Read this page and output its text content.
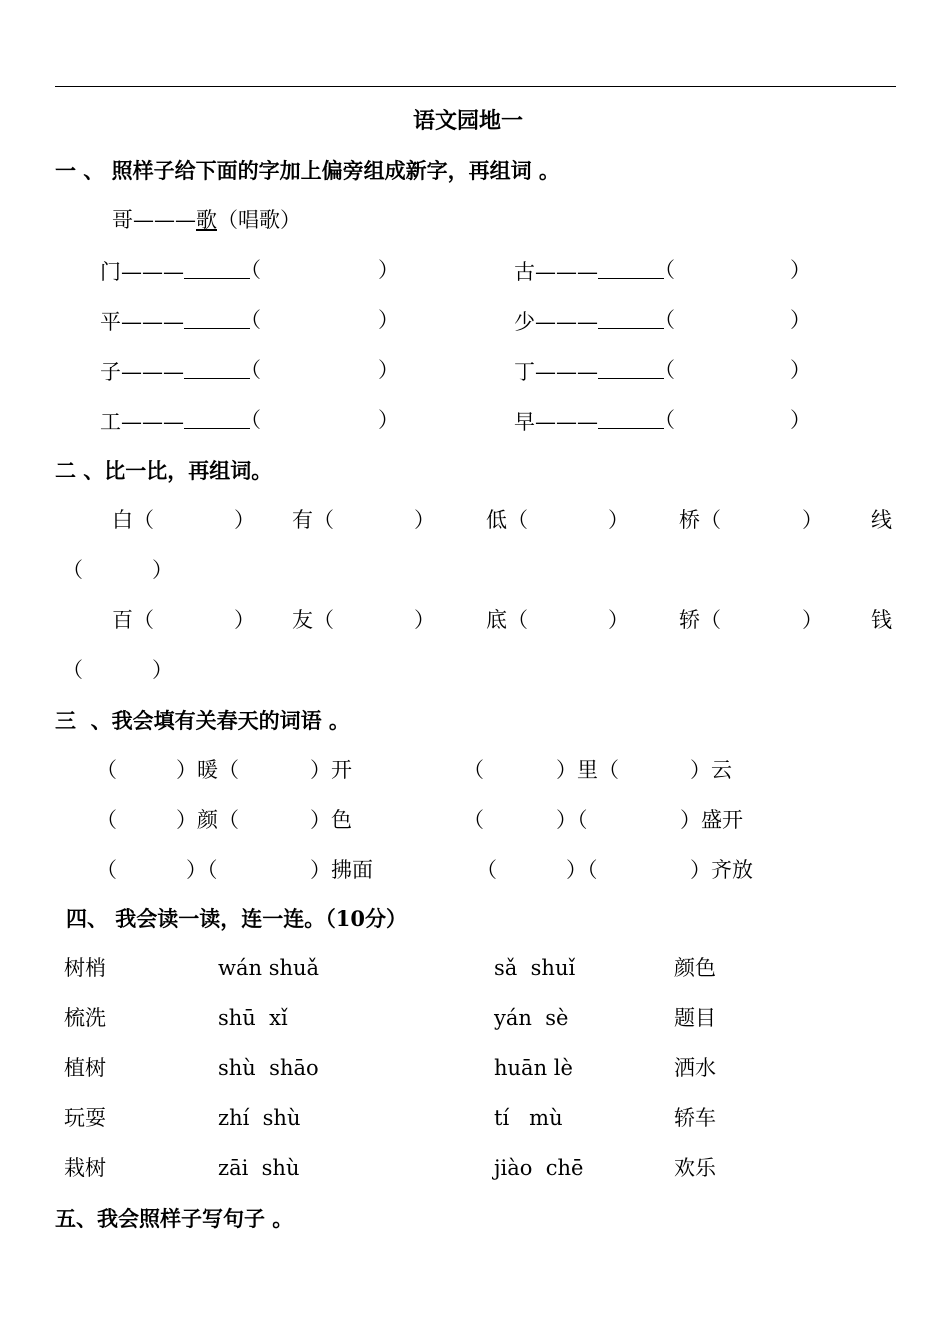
语文园地一
一 、 照样子给下面的字加上偏旁组成新字，再组词 。
哥———歌（唱歌）
门———	（	）	古———	（	）
平———	（	）	少———	（	）
子———	（	）	丁———	（	）
工———	（	）	早———	（	）
二 、比一比，再组词。
白（	） 有（	） 低（	） 桥（	） 线
（	）
百（	） 友（	） 底（	） 轿（	） 钱
（	）
三  、我会填有关春天的词语 。
（	）暖（	）开	（	）里（	）云
（	）颜（	）色	（	）（	）盛开
（	）（	）拂面	（	）（	）齐放
四、 我会读一读，连一连。（10分）
树梢	wán shuǎ	sǎ  shuǐ	颜色
梳洗	shū  xǐ	yán  sè	题目
植树	shù  shāo	huān lè	洒水
玩耍	zhí  shù	tí   mù	轿车
栽树	zāi  shù	jiào  chē	欢乐
五、我会照样子写句子 。
